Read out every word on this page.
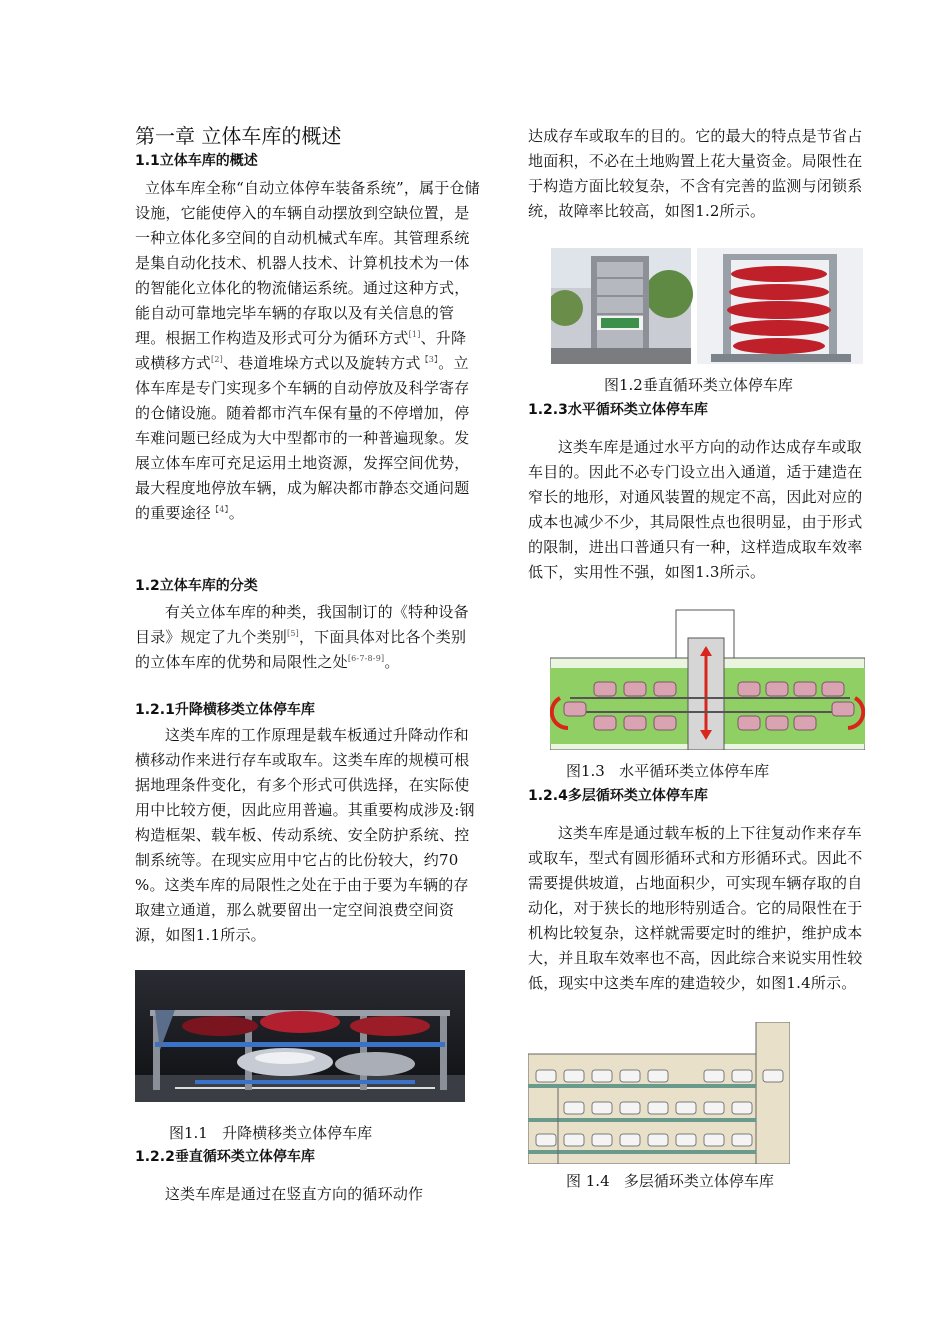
第一章 立体车库的概述

1.1立体车库的概述

立体车库全称“自动立体停车装备系统”，属于仓储设施，它能使停入的车辆自动摆放到空缺位置，是一种立体化多空间的自动机械式车库。其管理系统是集自动化技术、机器人技术、计算机技术为一体的智能化立体化的物流储运系统。通过这种方式，能自动可靠地完毕车辆的存取以及有关信息的管理。根据工作构造及形式可分为循环方式[1]、升降或横移方式[2]、巷道堆垛方式以及旋转方式$^{【3】}$。立体车库是专门实现多个车辆的自动停放及科学寄存的仓储设施。随着都市汽车保有量的不停增加，停车难问题已经成为大中型都市的一种普遍现象。发展立体车库可充足运用土地资源，发挥空间优势，最大程度地停放车辆，成为解决都市静态交通问题的重要途径$^{【4】}$。

1.2立体车库的分类

有关立体车库的种类，我国制订的《特种设备目录》规定了九个类别[5]，下面具体对比各个类别的立体车库的优势和局限性之处[6-7-8-9]。

1.2.1升降横移类立体停车库

这类车库的工作原理是载车板通过升降动作和横移动作来进行存车或取车。这类车库的规模可根据地理条件变化，有多个形式可供选择，在实际使用中比较方便，因此应用普遍。其重要构成涉及:钢构造框架、载车板、传动系统、安全防护系统、控制系统等。在现实应用中它占的比份较大，约70 %。这类车库的局限性之处在于由于要为车辆的存取建立通道，那么就要留出一定空间浪费空间资源，如图1.1所示。

图1.1   升降横移类立体停车库

1.2.2垂直循环类立体停车库

这类车库是通过在竖直方向的循环动作

达成存车或取车的目的。它的最大的特点是节省占地面积，不必在土地购置上花大量资金。局限性在于构造方面比较复杂，不含有完善的监测与闭锁系统，故障率比较高，如图1.2所示。

图1.2垂直循环类立体停车库

1.2.3水平循环类立体停车库

这类车库是通过水平方向的动作达成存车或取车目的。因此不必专门设立出入通道，适于建造在窄长的地形，对通风装置的规定不高，因此对应的成本也减少不少，其局限性点也很明显，由于形式的限制，进出口普通只有一种，这样造成取车效率低下，实用性不强，如图1.3所示。

图1.3   水平循环类立体停车库

1.2.4多层循环类立体停车库

这类车库是通过载车板的上下往复动作来存车或取车，型式有圆形循环式和方形循环式。因此不需要提供坡道，占地面积少，可实现车辆存取的自动化，对于狭长的地形特别适合。它的局限性在于机构比较复杂，这样就需要定时的维护，维护成本大，并且取车效率也不高，因此综合来说实用性较低，现实中这类车库的建造较少，如图1.4所示。

图 1.4   多层循环类立体停车库
